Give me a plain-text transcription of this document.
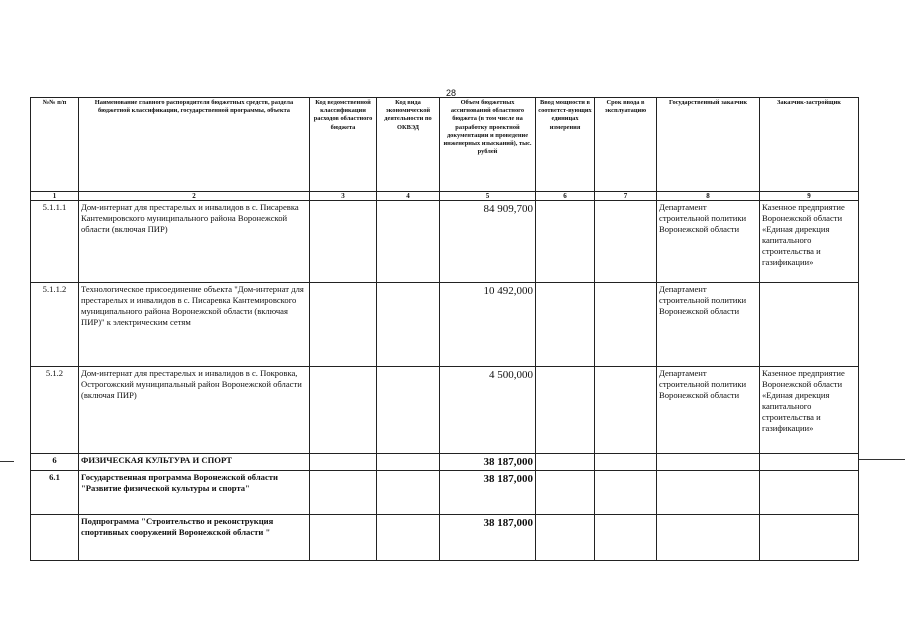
28
№№ п/п	Наименование главного распорядителя бюджетных средств, раздела бюджетной классификации, государственной программы, объекта	Код ведомственной классификации расходов областного бюджета	Код вида экономической деятельности по ОКВЭД	Объем бюджетных ассигнований областного бюджета (в том числе на разработку проектной документации и проведение инженерных изысканий), тыс. рублей	Ввод мощности в соответст-вующих единицах измерения	Срок ввода в эксплуатацию	Государственный заказчик	Заказчик-застройщик
1	2	3	4	5	6	7	8	9
5.1.1.1	Дом-интернат для престарелых и инвалидов в с. Писаревка Кантемировского муниципального района Воронежской области (включая ПИР)			84 909,700			Департамент строительной политики Воронежской области	Казенное предприятие Воронежской области «Единая дирекция капитального строительства и газификации»
5.1.1.2	Технологическое присоединение объекта "Дом-интернат для престарелых и инвалидов в с. Писаревка Кантемировского муниципального района Воронежской области (включая ПИР)" к электрическим сетям			10 492,000			Департамент строительной политики Воронежской области	
5.1.2	Дом-интернат для престарелых и инвалидов в с. Покровка, Острогожский муниципальный район Воронежской области (включая ПИР)			4 500,000			Департамент строительной политики Воронежской области	Казенное предприятие Воронежской области «Единая дирекция капитального строительства и газификации»
6	ФИЗИЧЕСКАЯ КУЛЬТУРА И СПОРТ			38 187,000				
6.1	Государственная программа Воронежской области "Развитие физической культуры и спорта"			38 187,000				
	Подпрограмма "Строительство и реконструкция спортивных сооружений Воронежской области "			38 187,000				
